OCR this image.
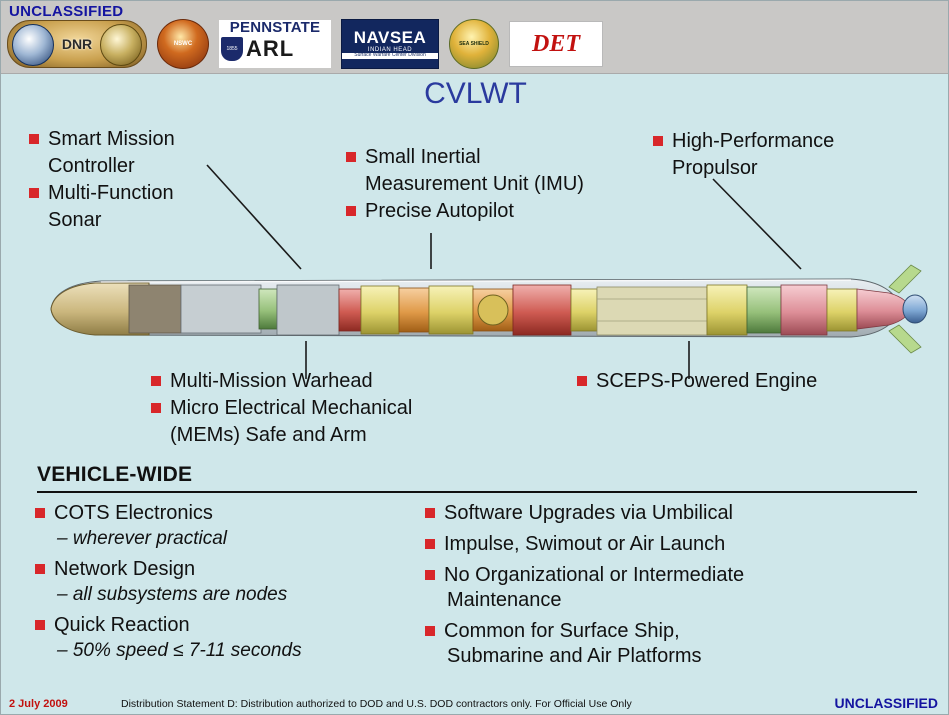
UNCLASSIFIED
DNR	NSWC
PENNSTATE
1855 ARL	NAVSEA
INDIAN HEAD
Surface Warfare Center Division
SEA SHIELD DET
CVLWT
Smart Mission
Controller
Multi-Function
Sonar
Small Inertial
Measurement Unit (IMU)
Precise Autopilot
High-Performance
Propulsor
Multi-Mission Warhead
Micro Electrical Mechanical
(MEMs) Safe and Arm
SCEPS-Powered Engine
VEHICLE-WIDE
COTS Electronics
– wherever practical
Network Design
– all subsystems are nodes
Quick Reaction
– 50% speed ≤ 7-11 seconds
Software Upgrades via Umbilical
Impulse, Swimout or Air Launch
No Organizational or Intermediate
Maintenance
Common for Surface Ship,
Submarine and Air Platforms
2 July 2009	Distribution Statement D: Distribution authorized to DOD and U.S. DOD contractors only. For Official Use Only	UNCLASSIFIED
